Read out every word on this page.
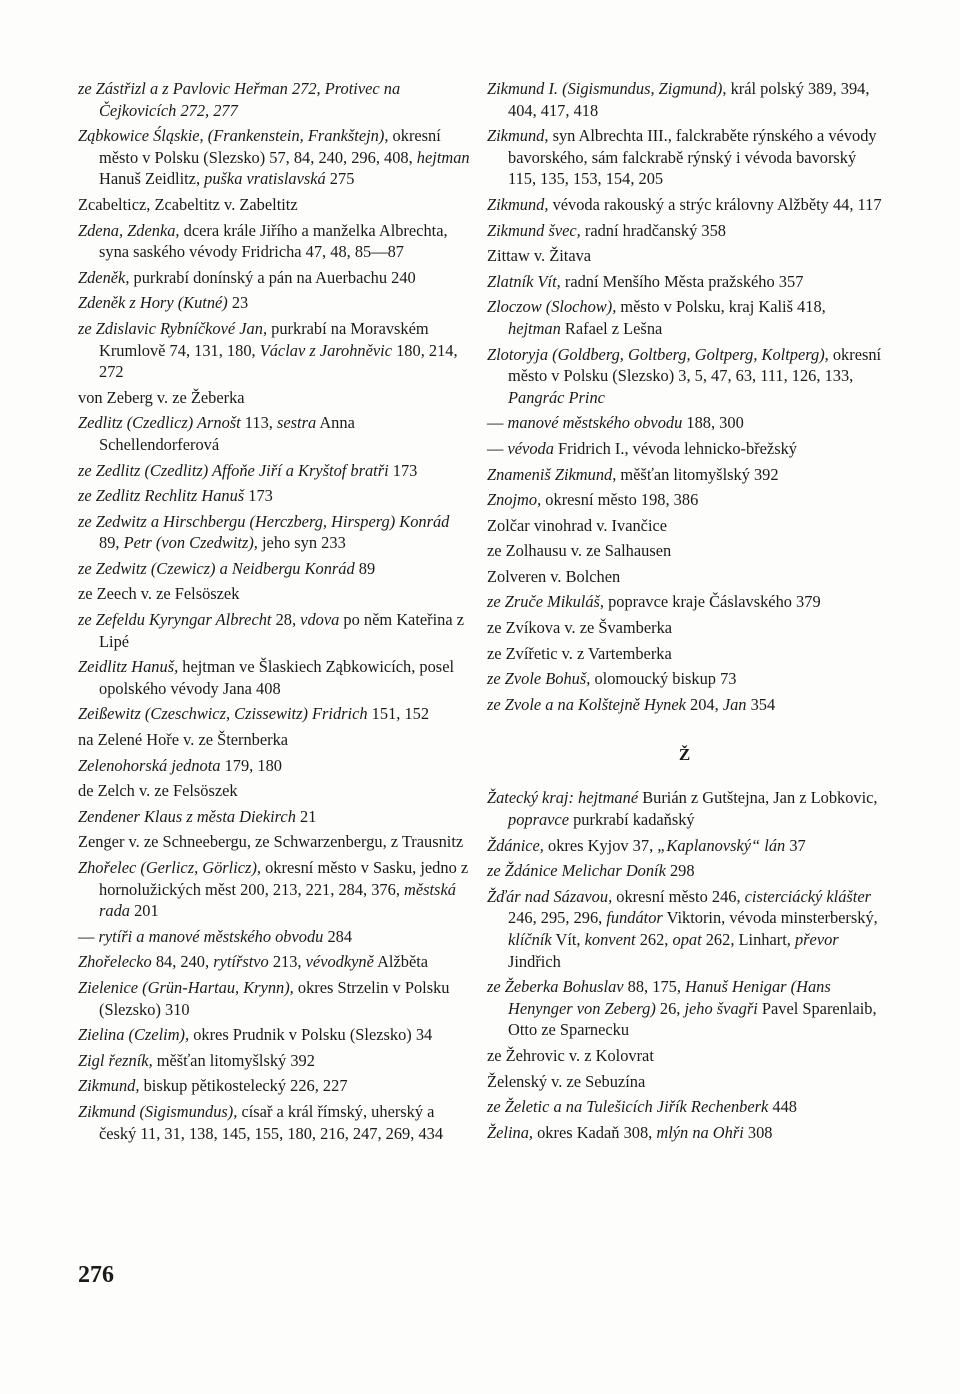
ze Zástřizl a z Pavlovic Heřman 272, Protivec na Čejkovicích 272, 277
Ząbkowice Śląskie, (Frankenstein, Frankštejn), okresní město v Polsku (Slezsko) 57, 84, 240, 296, 408, hejtman Hanuš Zeidlitz, puška vratislavská 275
Zcabelticz, Zcabeltitz v. Zabeltitz
Zdena, Zdenka, dcera krále Jiřího a manželka Albrechta, syna saského vévody Fridricha 47, 48, 85—87
Zdeněk, purkrabí donínský a pán na Auerbachu 240
Zdeněk z Hory (Kutné) 23
ze Zdislavic Rybníčkové Jan, purkrabí na Moravském Krumlově 74, 131, 180, Václav z Jarohněvic 180, 214, 272
von Zeberg v. ze Žeberka
Zedlitz (Czedlicz) Arnošt 113, sestra Anna Schellendorferová
ze Zedlitz (Czedlitz) Affoňe Jiří a Kryštof bratři 173
ze Zedlitz Rechlitz Hanuš 173
ze Zedwitz a Hirschbergu (Herczberg, Hirsperg) Konrád 89, Petr (von Czedwitz), jeho syn 233
ze Zedwitz (Czewicz) a Neidbergu Konrád 89
ze Zeech v. ze Felsöszek
ze Zefeldu Kyryngar Albrecht 28, vdova po něm Kateřina z Lipé
Zeidlitz Hanuš, hejtman ve Šlaskiech Ząbkowicích, posel opolského vévody Jana 408
Zeißewitz (Czeschwicz, Czissewitz) Fridrich 151, 152
na Zelené Hoře v. ze Šternberka
Zelenohorská jednota 179, 180
de Zelch v. ze Felsöszek
Zendener Klaus z města Diekirch 21
Zenger v. ze Schneebergu, ze Schwarzenbergu, z Trausnitz
Zhořelec (Gerlicz, Görlicz), okresní město v Sasku, jedno z hornolužických měst 200, 213, 221, 284, 376, městská rada 201
— rytíři a manové městského obvodu 284
Zhořelecko 84, 240, rytířstvo 213, vévodkyně Alžběta
Zielenice (Grün-Hartau, Krynn), okres Strzelin v Polsku (Slezsko) 310
Zielina (Czelim), okres Prudnik v Polsku (Slezsko) 34
Zigl řezník, měšťan litomyšlský 392
Zikmund, biskup pětikostelecký 226, 227
Zikmund (Sigismundus), císař a král římský, uherský a český 11, 31, 138, 145, 155, 180, 216, 247, 269, 434
Zikmund I. (Sigismundus, Zigmund), král polský 389, 394, 404, 417, 418
Zikmund, syn Albrechta III., falckraběte rýnského a vévody bavorského, sám falckrabě rýnský i vévoda bavorský 115, 135, 153, 154, 205
Zikmund, vévoda rakouský a strýc královny Alžběty 44, 117
Zikmund švec, radní hradčanský 358
Zittaw v. Žitava
Zlatník Vít, radní Menšího Města pražského 357
Zloczow (Slochow), město v Polsku, kraj Kališ 418, hejtman Rafael z Lešna
Zlotoryja (Goldberg, Goltberg, Goltperg, Koltperg), okresní město v Polsku (Slezsko) 3, 5, 47, 63, 111, 126, 133, Pangrác Princ
— manové městského obvodu 188, 300
— vévoda Fridrich I., vévoda lehnicko-břežský
Znameniš Zikmund, měšťan litomyšlský 392
Znojmo, okresní město 198, 386
Zolčar vinohrad v. Ivančice
ze Zolhausu v. ze Salhausen
Zolveren v. Bolchen
ze Zruče Mikuláš, popravce kraje Čáslavského 379
ze Zvíkova v. ze Švamberka
ze Zvířetic v. z Vartemberka
ze Zvole Bohuš, olomoucký biskup 73
ze Zvole a na Kolštejně Hynek 204, Jan 354
Ž
Žatecký kraj: hejtmané Burián z Gutštejna, Jan z Lobkovic, popravce purkrabí kadaňský
Ždánice, okres Kyjov 37, „Kaplanovský“ lán 37
ze Ždánice Melichar Doník 298
Žďár nad Sázavou, okresní město 246, cisterciácký klášter 246, 295, 296, fundátor Viktorin, vévoda minsterberský, klíčník Vít, konvent 262, opat 262, Linhart, převor Jindřich
ze Žeberka Bohuslav 88, 175, Hanuš Henigar (Hans Henynger von Zeberg) 26, jeho švagři Pavel Sparenlaib, Otto ze Sparnecku
ze Žehrovic v. z Kolovrat
Želenský v. ze Sebuzína
ze Želetic a na Tulešicích Jiřík Rechenberk 448
Želina, okres Kadaň 308, mlýn na Ohři 308
276
